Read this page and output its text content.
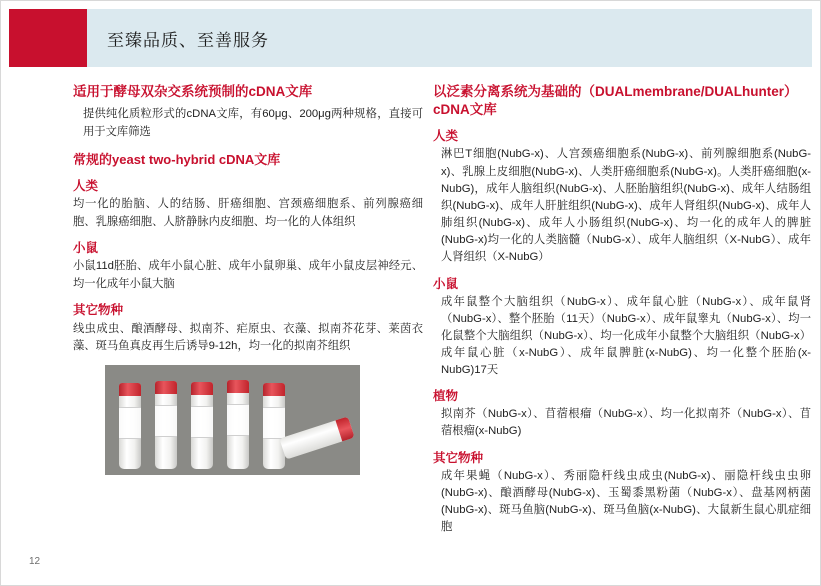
至臻品质、至善服务
适用于酵母双杂交系统预制的cDNA文库
提供纯化质粒形式的cDNA文库，有60μg、200μg两种规格，直接可用于文库筛选
常规的yeast two-hybrid cDNA文库
人类
均一化的胎脑、人的结肠、肝癌细胞、宫颈癌细胞系、前列腺癌细胞、乳腺癌细胞、人脐静脉内皮细胞、均一化的人体组织
小鼠
小鼠11d胚胎、成年小鼠心脏、成年小鼠卵巢、成年小鼠皮层神经元、均一化成年小鼠大脑
其它物种
线虫成虫、酿酒酵母、拟南芥、疟原虫、衣藻、拟南芥花芽、莱茵衣藻、斑马鱼真皮再生后诱导9-12h，均一化的拟南芥组织
以泛素分离系统为基础的（DUALmembrane/DUALhunter）cDNA文库
人类
淋巴T细胞(NubG-x)、人宫颈癌细胞系(NubG-x)、前列腺细胞系(NubG-x)、乳腺上皮细胞(NubG-x)、人类肝癌细胞系(NubG-x)。人类肝癌细胞(x-NubG)，成年人脑组织(NubG-x)、人胚胎脑组织(NubG-x)、成年人结肠组织(NubG-x)、成年人肝脏组织(NubG-x)、成年人肾组织(NubG-x)、成年人肺组织(NubG-x)、成年人小肠组织(NubG-x)、均一化的成年人的脾脏(NubG-x)均一化的人类脑髓（NubG-x）、成年人脑组织（X-NubG）、成年人肾组织（X-NubG）
小鼠
成年鼠整个大脑组织（NubG-x）、成年鼠心脏（NubG-x）、成年鼠肾（NubG-x）、整个胚胎（11天）（NubG-x）、成年鼠睾丸（NubG-x）、均一化鼠整个大脑组织（NubG-x）、均一化成年小鼠整个大脑组织（NubG-x）成年鼠心脏（x-NubG）、成年鼠脾脏(x-NubG)、均一化整个胚胎(x-NubG)17天
植物
拟南芥（NubG-x）、苜蓿根瘤（NubG-x）、均一化拟南芥（NubG-x）、苜蓿根瘤(x-NubG)
其它物种
成年果蝇（NubG-x）、秀丽隐杆线虫成虫(NubG-x)、丽隐杆线虫虫卵(NubG-x)、酿酒酵母(NubG-x)、玉蜀黍黑粉菌（NubG-x）、盘基网柄菌(NubG-x)、斑马鱼脑(NubG-x)、斑马鱼脑(x-NubG)、大鼠新生鼠心肌症细胞
12
